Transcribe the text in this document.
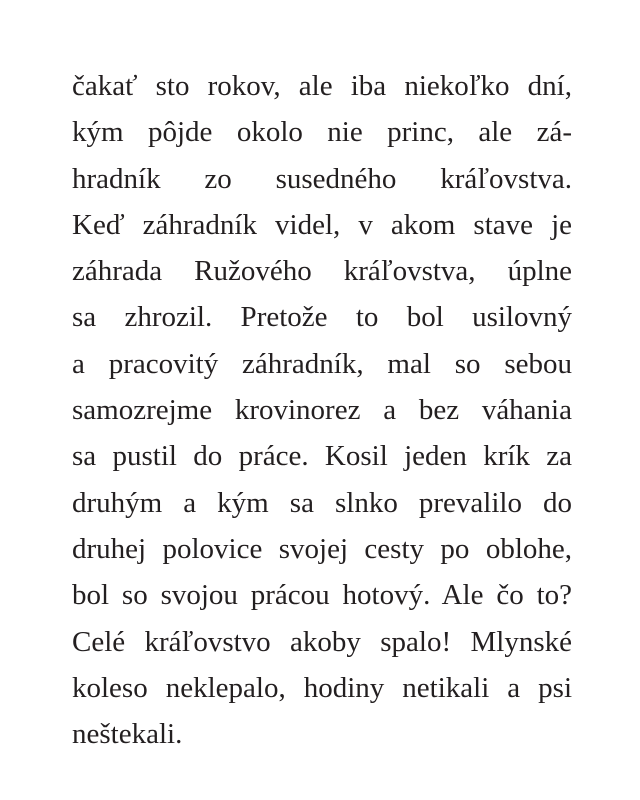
čakať sto rokov, ale iba niekoľko dní,
kým pôjde okolo nie princ, ale zá-
hradník zo susedného kráľovstva.
Keď záhradník videl, v akom stave je
záhrada Ružového kráľovstva, úplne
sa zhrozil. Pretože to bol usilovný
a pracovitý záhradník, mal so sebou
samozrejme krovinorez a bez váhania
sa pustil do práce. Kosil jeden krík za
druhým a kým sa slnko prevalilo do
druhej polovice svojej cesty po oblohe,
bol so svojou prácou hotový. Ale čo to?
Celé kráľovstvo akoby spalo! Mlynské
koleso neklepalo, hodiny netikali a psi
neštekali.
